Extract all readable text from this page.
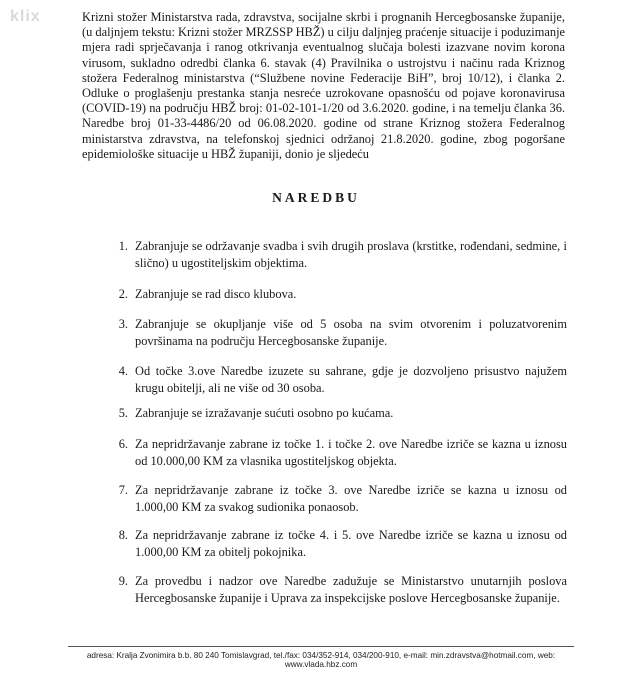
klix	Krizni stožer Ministarstva rada, zdravstva, socijalne skrbi i prognanih Hercegbosanske županije, (u daljnjem tekstu: Krizni stožer MRZSSP HBŽ) u cilju daljnjeg praćenje situacije i poduzimanje mjera radi sprječavanja i ranog otkrivanja eventualnog slučaja bolesti izazvane novim korona virusom, sukladno odredbi članka 6. stavak (4) Pravilnika o ustrojstvu i načinu rada Kriznog stožera Federalnog ministarstva (“Službene novine Federacije BiH”, broj 10/12), i članka 2. Odluke o proglašenju prestanka stanja nesreće uzrokovane opasnošću od pojave koronavirusa (COVID-19) na području HBŽ broj: 01-02-101-1/20 od 3.6.2020. godine, i na temelju članka 36. Naredbe broj 01-33-4486/20 od 06.08.2020. godine od strane Kriznog stožera Federalnog ministarstva zdravstva, na telefonskoj sjednici održanoj 21.8.2020. godine, zbog pogoršane epidemiološke situacije u HBŽ županiji, donio je sljedeću
NAREDBU
1. Zabranjuje se održavanje svadba i svih drugih proslava (krstitke, rođendani, sedmine, i slično) u ugostiteljskim objektima.
2. Zabranjuje se rad disco klubova.
3. Zabranjuje se okupljanje više od 5 osoba na svim otvorenim i poluzatvorenim površinama na području Hercegbosanske županije.
4. Od točke 3.ove Naredbe izuzete su sahrane, gdje je dozvoljeno prisustvo najužem krugu obitelji, ali ne više od 30 osoba.
5. Zabranjuje se izražavanje sućuti osobno po kućama.
6. Za nepridržavanje zabrane iz točke 1. i točke 2. ove Naredbe izriče se kazna u iznosu od 10.000,00 KM za vlasnika ugostiteljskog objekta.
7. Za nepridržavanje zabrane iz točke 3. ove Naredbe izriče se kazna u iznosu od 1.000,00 KM za svakog sudionika ponaosob.
8. Za nepridržavanje zabrane iz točke 4. i 5. ove Naredbe izriče se kazna u iznosu od 1.000,00 KM za obitelj pokojnika.
9. Za provedbu i nadzor ove Naredbe zadužuje se Ministarstvo unutarnjih poslova Hercegbosanske županije i Uprava za inspekcijske poslove Hercegbosanske županije.
adresa: Kralja Zvonimira b.b. 80 240 Tomislavgrad, tel./fax: 034/352-914, 034/200-910, e-mail: min.zdravstva@hotmail.com, web: www.vlada.hbz.com
